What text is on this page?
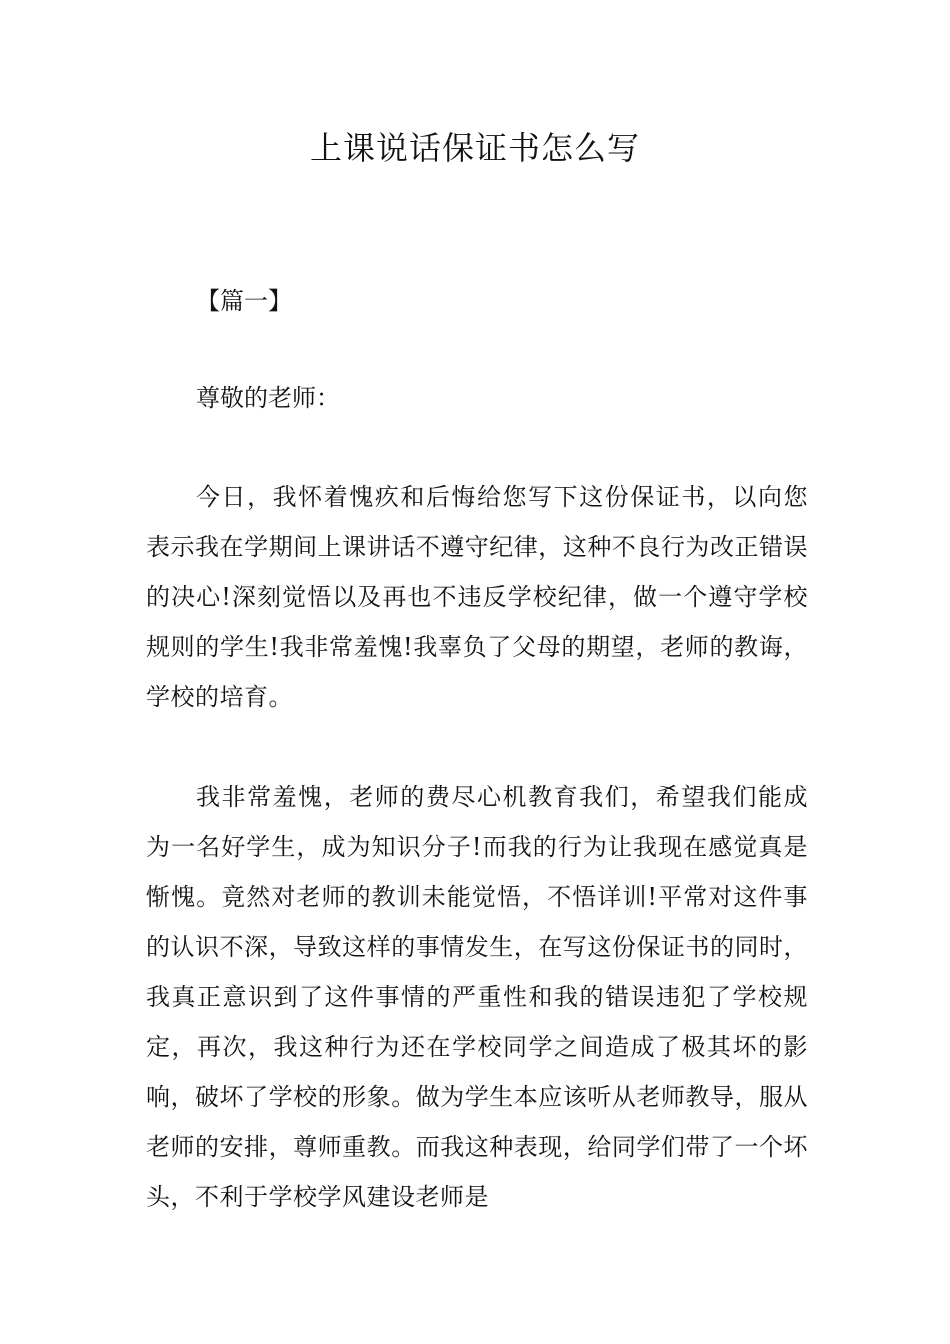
上课说话保证书怎么写

【篇一】

尊敬的老师：

今日，我怀着愧疚和后悔给您写下这份保证书，以向您表示我在学期间上课讲话不遵守纪律，这种不良行为改正错误的决心!深刻觉悟以及再也不违反学校纪律，做一个遵守学校规则的学生!我非常羞愧!我辜负了父母的期望，老师的教诲，学校的培育。

我非常羞愧，老师的费尽心机教育我们，希望我们能成为一名好学生，成为知识分子!而我的行为让我现在感觉真是惭愧。竟然对老师的教训未能觉悟，不悟详训!平常对这件事的认识不深，导致这样的事情发生，在写这份保证书的同时，我真正意识到了这件事情的严重性和我的错误违犯了学校规定，再次，我这种行为还在学校同学之间造成了极其坏的影响，破坏了学校的形象。做为学生本应该听从老师教导，服从老师的安排，尊师重教。而我这种表现，给同学们带了一个坏头，不利于学校学风建设老师是
